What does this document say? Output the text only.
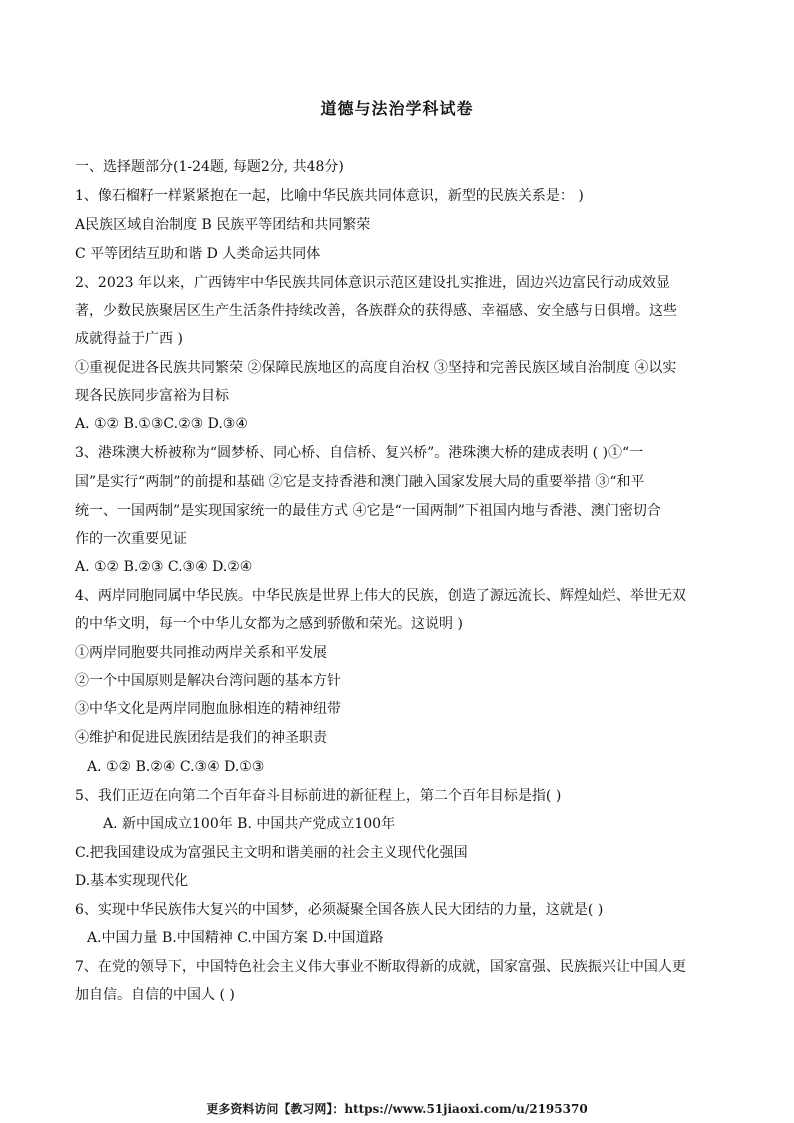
道德与法治学科试卷
一、选择题部分(1-24题, 每题2分, 共48分)
1、像石榴籽一样紧紧抱在一起，比喻中华民族共同体意识，新型的民族关系是： )
A民族区域自治制度 B 民族平等团结和共同繁荣
C 平等团结互助和谐 D 人类命运共同体
2、2023 年以来，广西铸牢中华民族共同体意识示范区建设扎实推进，固边兴边富民行动成效显
著，少数民族聚居区生产生活条件持续改善，各族群众的获得感、幸福感、安全感与日俱增。这些
成就得益于广西 )
①重视促进各民族共同繁荣 ②保障民族地区的高度自治权 ③坚持和完善民族区域自治制度 ④以实
现各民族同步富裕为目标
A. ①② B.①③C.②③ D.③④
3、港珠澳大桥被称为“圆梦桥、同心桥、自信桥、复兴桥”。港珠澳大桥的建成表明 ( )①“一
国”是实行“两制”的前提和基础 ②它是支持香港和澳门融入国家发展大局的重要举措 ③“和平
统一、一国两制”是实现国家统一的最佳方式 ④它是“一国两制”下祖国内地与香港、澳门密切合
作的一次重要见证
A. ①② B.②③ C.③④ D.②④
4、两岸同胞同属中华民族。中华民族是世界上伟大的民族，创造了源远流长、辉煌灿烂、举世无双
的中华文明，每一个中华儿女都为之感到骄傲和荣光。这说明 )
①两岸同胞要共同推动两岸关系和平发展
②一个中国原则是解决台湾问题的基本方针
③中华文化是两岸同胞血脉相连的精神纽带
④维护和促进民族团结是我们的神圣职责
A. ①② B.②④ C.③④ D.①③
5、我们正迈在向第二个百年奋斗目标前进的新征程上，第二个百年目标是指( )
A. 新中国成立100年 B. 中国共产党成立100年
C.把我国建设成为富强民主文明和谐美丽的社会主义现代化强国
D.基本实现现代化
6、实现中华民族伟大复兴的中国梦，必须凝聚全国各族人民大团结的力量，这就是( )
A.中国力量 B.中国精神 C.中国方案 D.中国道路
7、在党的领导下，中国特色社会主义伟大事业不断取得新的成就，国家富强、民族振兴让中国人更
加自信。自信的中国人 ( )
更多资料访问【教习网】：https://www.51jiaoxi.com/u/2195370
